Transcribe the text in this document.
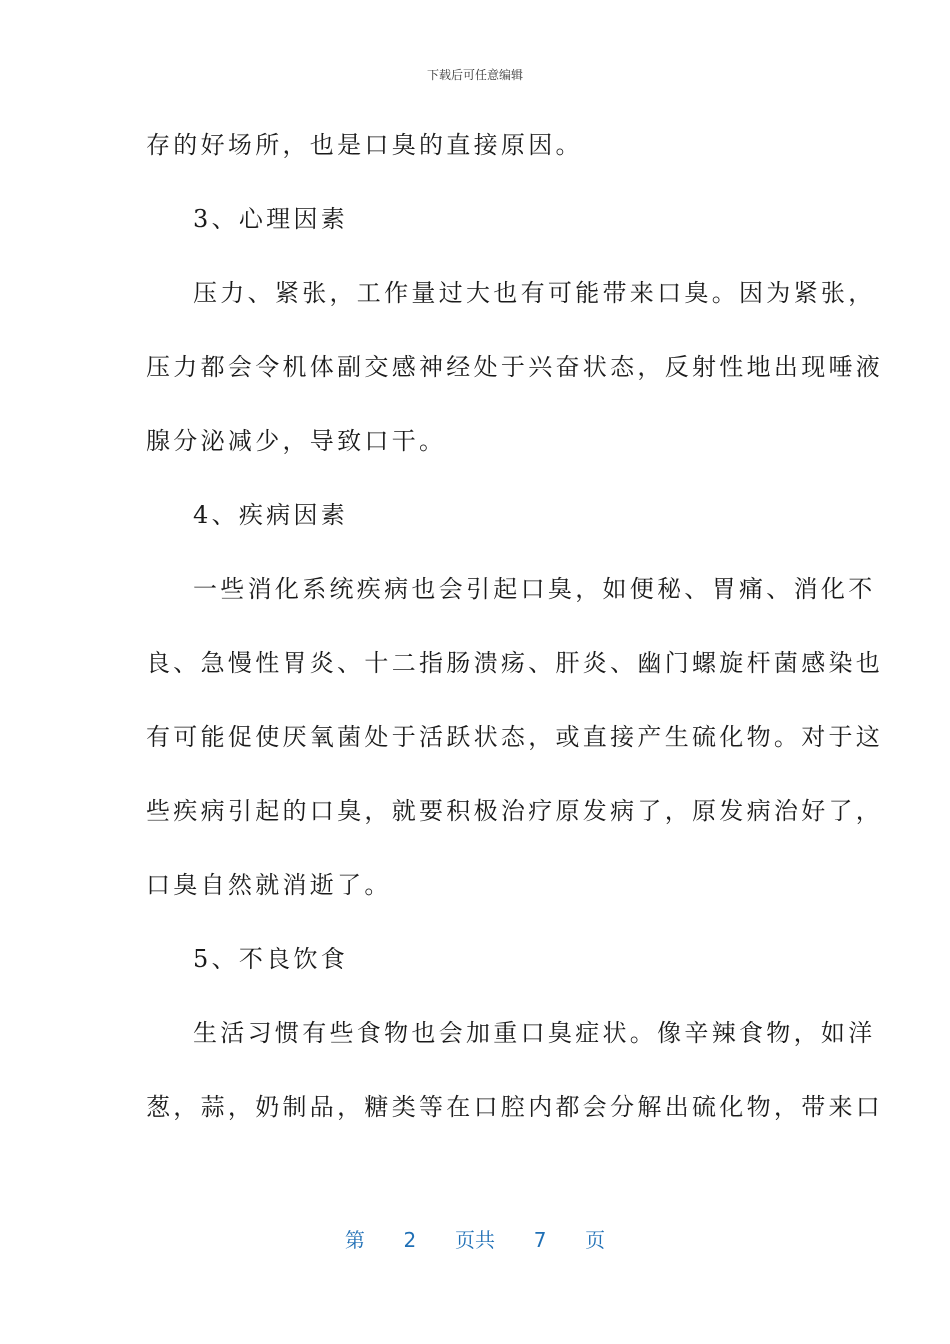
下载后可任意编辑
存的好场所，也是口臭的直接原因。
3、心理因素
压力、紧张，工作量过大也有可能带来口臭。因为紧张，
压力都会令机体副交感神经处于兴奋状态，反射性地出现唾液
腺分泌减少，导致口干。
4、疾病因素
一些消化系统疾病也会引起口臭，如便秘、胃痛、消化不
良、急慢性胃炎、十二指肠溃疡、肝炎、幽门螺旋杆菌感染也
有可能促使厌氧菌处于活跃状态，或直接产生硫化物。对于这
些疾病引起的口臭，就要积极治疗原发病了，原发病治好了，
口臭自然就消逝了。
5、不良饮食
生活习惯有些食物也会加重口臭症状。像辛辣食物，如洋
葱，蒜，奶制品，糖类等在口腔内都会分解出硫化物，带来口
第 2 页共 7 页
